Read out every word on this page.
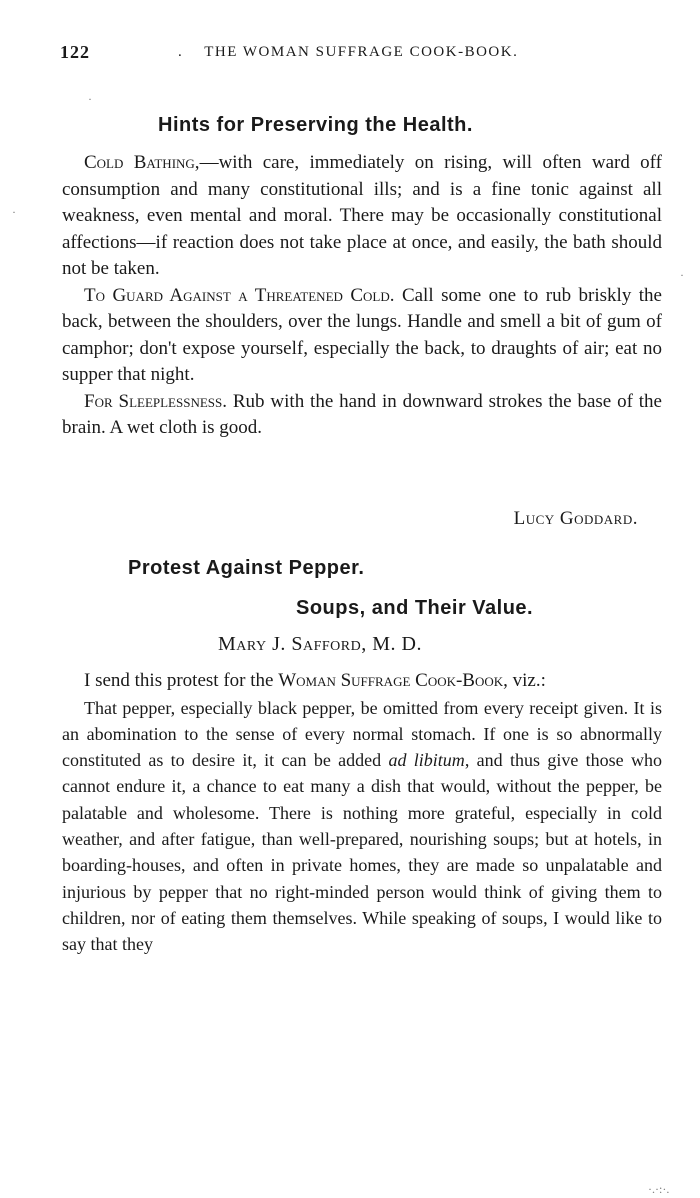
122	. THE WOMAN SUFFRAGE COOK-BOOK.
Hints for Preserving the Health.

Cold Bathing,—with care, immediately on rising, will often ward off consumption and many constitutional ills; and is a fine tonic against all weakness, even mental and moral. There may be occasionally constitutional affections—if reaction does not take place at once, and easily, the bath should not be taken.

To Guard Against a Threatened Cold. Call some one to rub briskly the back, between the shoulders, over the lungs. Handle and smell a bit of gum of camphor; don't expose yourself, especially the back, to draughts of air; eat no supper that night.

For Sleeplessness. Rub with the hand in downward strokes the base of the brain. A wet cloth is good.

Lucy Goddard.
Protest Against Pepper.
Soups, and Their Value.
Mary J. Safford, M. D.

I send this protest for the Woman Suffrage Cook-Book, viz.:

That pepper, especially black pepper, be omitted from every receipt given. It is an abomination to the sense of every normal stomach. If one is so abnormally constituted as to desire it, it can be added ad libitum, and thus give those who cannot endure it, a chance to eat many a dish that would, without the pepper, be palatable and wholesome. There is nothing more grateful, especially in cold weather, and after fatigue, than well-prepared, nourishing soups; but at hotels, in boarding-houses, and often in private homes, they are made so unpalatable and injurious by pepper that no right-minded person would think of giving them to children, nor of eating them themselves. While speaking of soups, I would like to say that they

·
·
·
·.·:·.
